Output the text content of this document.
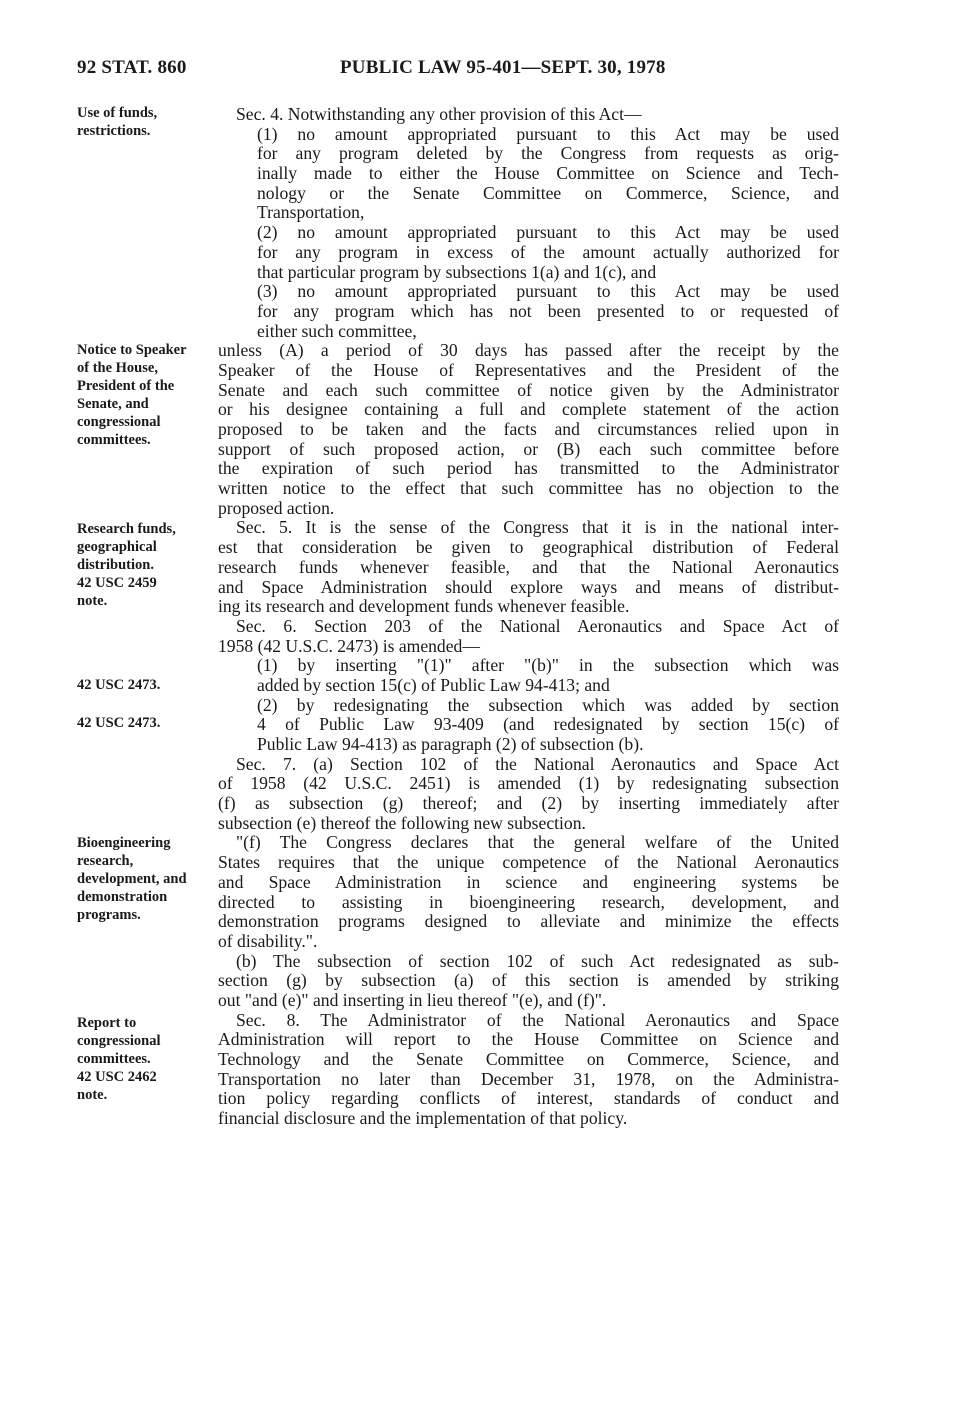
92 STAT. 860	PUBLIC LAW 95-401—SEPT. 30, 1978
Use of funds,
restrictions.
Notice to Speaker
of the House,
President of the
Senate, and
congressional
committees.
Research funds,
geographical
distribution.
42 USC 2459
note.
42 USC 2473.
42 USC 2473.
Bioengineering
research,
development, and
demonstration
programs.
Report to
congressional
committees.
42 USC 2462
note.
Sec. 4. Notwithstanding any other provision of this Act—
(1) no amount appropriated pursuant to this Act may be used
for any program deleted by the Congress from requests as orig-
inally made to either the House Committee on Science and Tech-
nology or the Senate Committee on Commerce, Science, and
Transportation,
(2) no amount appropriated pursuant to this Act may be used
for any program in excess of the amount actually authorized for
that particular program by subsections 1(a) and 1(c), and
(3) no amount appropriated pursuant to this Act may be used
for any program which has not been presented to or requested of
either such committee,
unless (A) a period of 30 days has passed after the receipt by the
Speaker of the House of Representatives and the President of the
Senate and each such committee of notice given by the Administrator
or his designee containing a full and complete statement of the action
proposed to be taken and the facts and circumstances relied upon in
support of such proposed action, or (B) each such committee before
the expiration of such period has transmitted to the Administrator
written notice to the effect that such committee has no objection to the
proposed action.
Sec. 5. It is the sense of the Congress that it is in the national inter-
est that consideration be given to geographical distribution of Federal
research funds whenever feasible, and that the National Aeronautics
and Space Administration should explore ways and means of distribut-
ing its research and development funds whenever feasible.
Sec. 6. Section 203 of the National Aeronautics and Space Act of
1958 (42 U.S.C. 2473) is amended—
(1) by inserting "(1)" after "(b)" in the subsection which was
added by section 15(c) of Public Law 94-413; and
(2) by redesignating the subsection which was added by section
4 of Public Law 93-409 (and redesignated by section 15(c) of
Public Law 94-413) as paragraph (2) of subsection (b).
Sec. 7. (a) Section 102 of the National Aeronautics and Space Act
of 1958 (42 U.S.C. 2451) is amended (1) by redesignating subsection
(f) as subsection (g) thereof; and (2) by inserting immediately after
subsection (e) thereof the following new subsection.
"(f) The Congress declares that the general welfare of the United
States requires that the unique competence of the National Aeronautics
and Space Administration in science and engineering systems be
directed to assisting in bioengineering research, development, and
demonstration programs designed to alleviate and minimize the effects
of disability.".
(b) The subsection of section 102 of such Act redesignated as sub-
section (g) by subsection (a) of this section is amended by striking
out "and (e)" and inserting in lieu thereof "(e), and (f)".
Sec. 8. The Administrator of the National Aeronautics and Space
Administration will report to the House Committee on Science and
Technology and the Senate Committee on Commerce, Science, and
Transportation no later than December 31, 1978, on the Administra-
tion policy regarding conflicts of interest, standards of conduct and
financial disclosure and the implementation of that policy.
